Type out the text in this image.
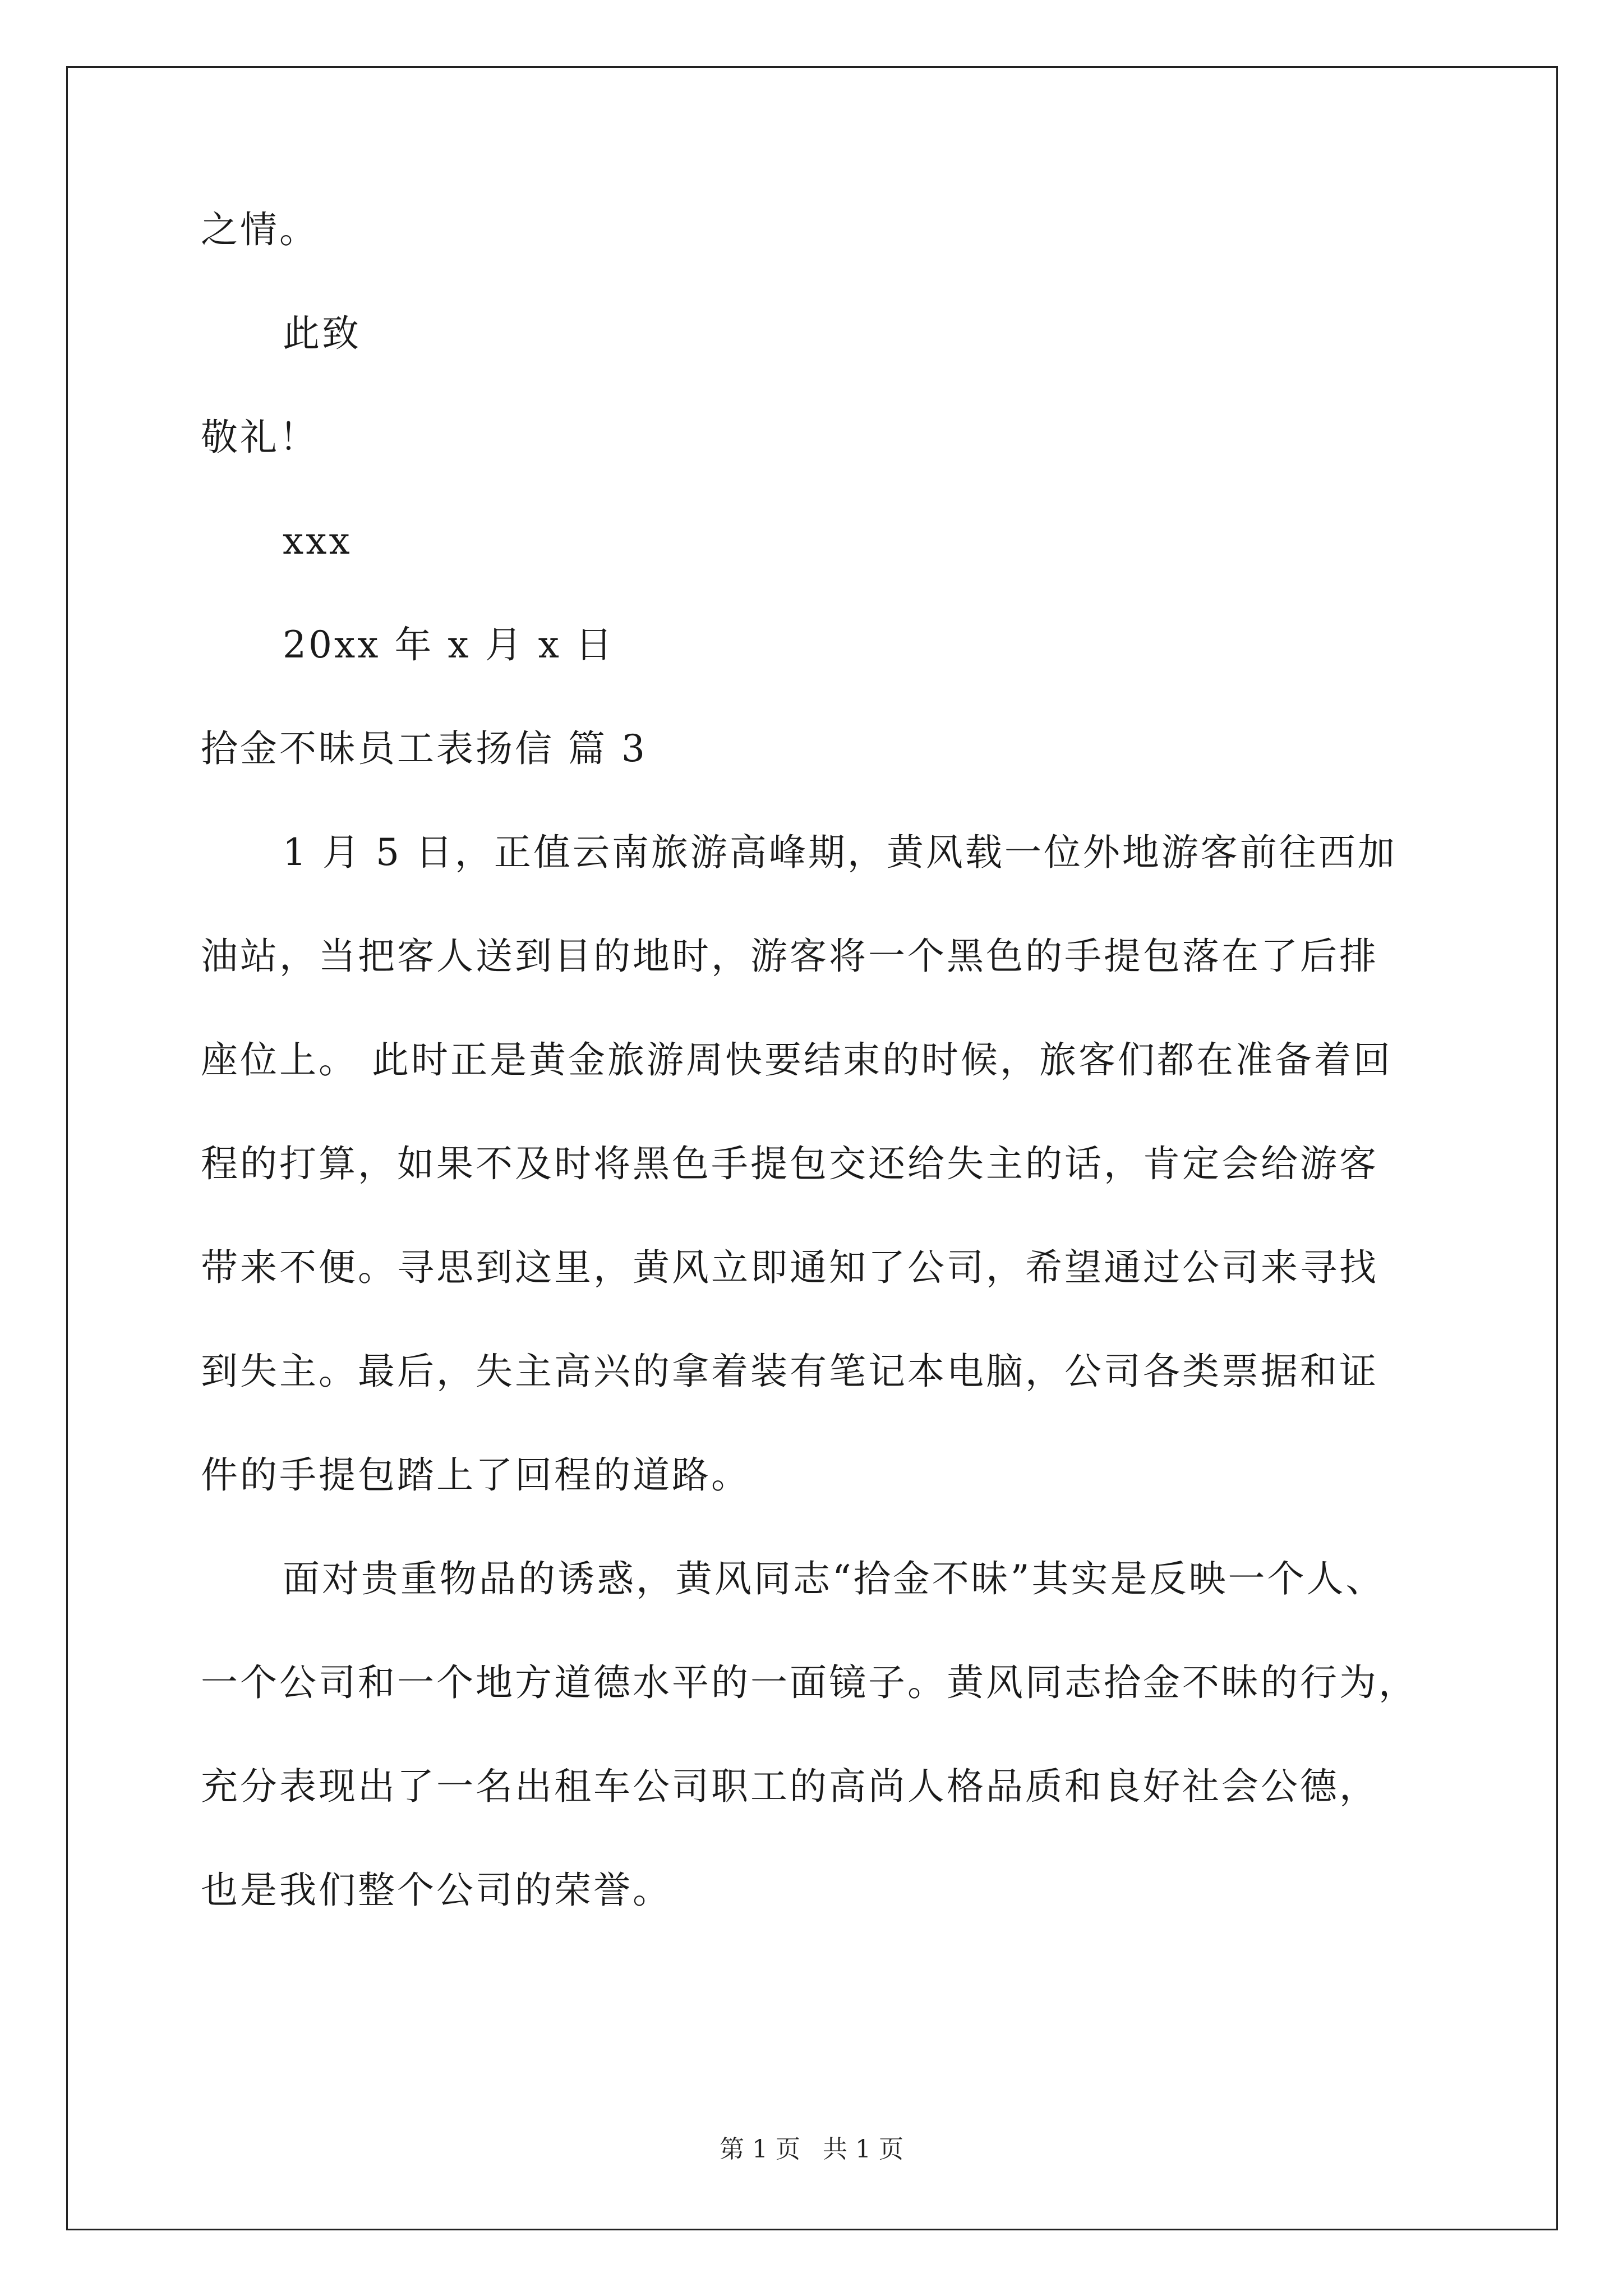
之情。
此致
敬礼！
xxx
20xx 年 x 月 x 日
拾金不昧员工表扬信 篇 3
1 月 5 日，正值云南旅游高峰期，黄风载一位外地游客前往西加
油站，当把客人送到目的地时，游客将一个黑色的手提包落在了后排
座位上。 此时正是黄金旅游周快要结束的时候，旅客们都在准备着回
程的打算，如果不及时将黑色手提包交还给失主的话，肯定会给游客
带来不便。寻思到这里，黄风立即通知了公司，希望通过公司来寻找
到失主。最后，失主高兴的拿着装有笔记本电脑，公司各类票据和证
件的手提包踏上了回程的道路。
面对贵重物品的诱惑，黄风同志“拾金不昧”其实是反映一个人、
一个公司和一个地方道德水平的一面镜子。黄风同志拾金不昧的行为，
充分表现出了一名出租车公司职工的高尚人格品质和良好社会公德，
也是我们整个公司的荣誉。
第 1 页 共 1 页
